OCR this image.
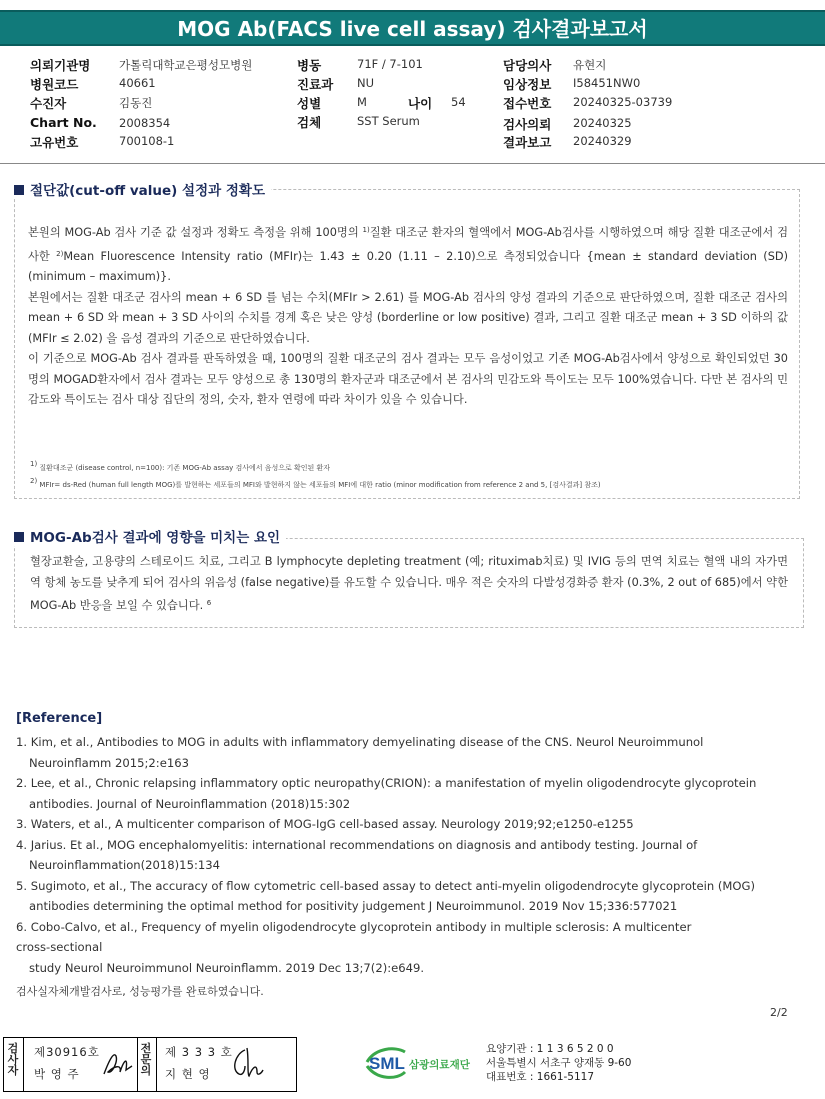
MOG Ab(FACS live cell assay) 검사결과보고서
의뢰기관명 가톨릭대학교은평성모병원
병원코드	40661
수진자	김동진
Chart No. 2008354
고유번호	700108-1
병동	71F / 7-101
진료과 NU
성별	M	나이 54
검체	SST Serum
담당의사 유현지
임상정보 I58451NW0
접수번호 20240325-03739
검사의뢰 20240325
결과보고 20240329
절단값(cut-off value) 설정과 정확도

본원의 MOG-Ab 검사 기준 값 설정과 정확도 측정을 위해 100명의 $^{1)}$질환 대조군 환자의 혈액에서 MOG-Ab검사를 시행하였으며 해당 질환 대조군에서 검사한 $^{2)}$Mean Fluorescence Intensity ratio (MFIr)는 1.43 ± 0.20 (1.11 – 2.10)으로 측정되었습니다 {mean ± standard deviation (SD) (minimum – maximum)}.

본원에서는 질환 대조군 검사의 mean + 6 SD 를 넘는 수치(MFIr > 2.61) 를 MOG-Ab 검사의 양성 결과의 기준으로 판단하였으며, 질환 대조군 검사의 mean + 6 SD 와 mean + 3 SD 사이의 수치를 경계 혹은 낮은 양성 (borderline or low positive) 결과, 그리고 질환 대조군 mean + 3 SD 이하의 값 (MFIr ≤ 2.02) 을 음성 결과의 기준으로 판단하였습니다.

이 기준으로 MOG-Ab 검사 결과를 판독하였을 때, 100명의 질환 대조군의 검사 결과는 모두 음성이었고 기존 MOG-Ab검사에서 양성으로 확인되었던 30명의 MOGAD환자에서 검사 결과는 모두 양성으로 총 130명의 환자군과 대조군에서 본 검사의 민감도와 특이도는 모두 100%였습니다. 다만 본 검사의 민감도와 특이도는 검사 대상 집단의 정의, 숫자, 환자 연령에 따라 차이가 있을 수 있습니다.

$^{1)}$ 질환대조군 (disease control, n=100): 기존 MOG-Ab assay 검사에서 음성으로 확인된 환자
$^{2)}$ MFIr= ds-Red (human full length MOG)를 발현하는 세포들의 MFI와 발현하지 않는 세포들의 MFI에 대한 ratio (minor modification from reference 2 and 5, [검사결과] 참조)
MOG-Ab검사 결과에 영향을 미치는 요인

혈장교환술, 고용량의 스테로이드 치료, 그리고 B lymphocyte depleting treatment (예; rituximab치료) 및 IVIG 등의 면역 치료는 혈액 내의 자가면역 항체 농도를 낮추게 되어 검사의 위음성 (false negative)를 유도할 수 있습니다. 매우 적은 숫자의 다발성경화증 환자 (0.3%, 2 out of 685)에서 약한 MOG-Ab 반응을 보일 수 있습니다. $^6$

[Reference]
1. Kim, et al., Antibodies to MOG in adults with inflammatory demyelinating disease of the CNS. Neurol Neuroimmunol
Neuroinflamm 2015;2:e163
2. Lee, et al., Chronic relapsing inflammatory optic neuropathy(CRION): a manifestation of myelin oligodendrocyte glycoprotein
antibodies. Journal of Neuroinflammation (2018)15:302
3. Waters, et al., A multicenter comparison of MOG-IgG cell-based assay. Neurology 2019;92;e1250-e1255
4. Jarius. Et al., MOG encephalomyelitis: international recommendations on diagnosis and antibody testing. Journal of
Neuroinflammation(2018)15:134
5. Sugimoto, et al., The accuracy of flow cytometric cell-based assay to detect anti-myelin oligodendrocyte glycoprotein (MOG)
antibodies determining the optimal method for positivity judgement J Neuroimmunol. 2019 Nov 15;336:577021
6. Cobo-Calvo, et al., Frequency of myelin oligodendrocyte glycoprotein antibody in multiple sclerosis: A multicenter
cross-sectional
study Neurol Neuroimmunol Neuroinflamm. 2019 Dec 13;7(2):e649.
검사실자체개발검사로, 성능평가를 완료하였습니다.
2/2
검
사
자
제30916호
박 영 주
전
문
의
제 3 3 3 호
지 현 영
SML 삼광의료재단
요양기관 : 1 1 3 6 5 2 0 0
서울특별시 서초구 양재동 9-60
대표번호 : 1661-5117
